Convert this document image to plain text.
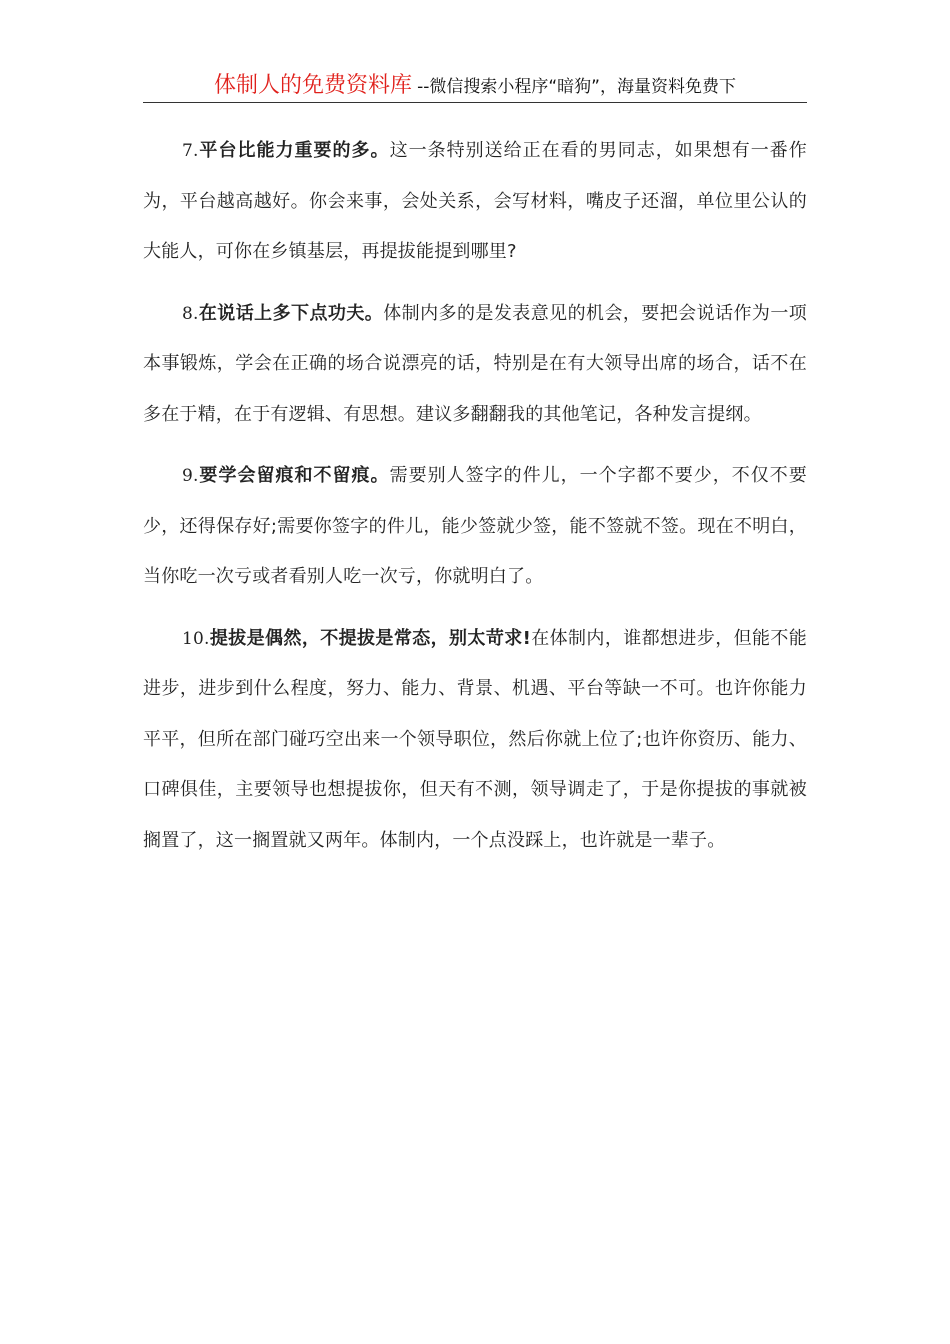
体制人的免费资料库 --微信搜索小程序“暗狗”，海量资料免费下

7.平台比能力重要的多。这一条特别送给正在看的男同志，如果想有一番作为，平台越高越好。你会来事，会处关系，会写材料，嘴皮子还溜，单位里公认的大能人，可你在乡镇基层，再提拔能提到哪里?

8.在说话上多下点功夫。体制内多的是发表意见的机会，要把会说话作为一项本事锻炼，学会在正确的场合说漂亮的话，特别是在有大领导出席的场合，话不在多在于精，在于有逻辑、有思想。建议多翻翻我的其他笔记，各种发言提纲。

9.要学会留痕和不留痕。需要别人签字的件儿，一个字都不要少，不仅不要少，还得保存好;需要你签字的件儿，能少签就少签，能不签就不签。现在不明白，当你吃一次亏或者看别人吃一次亏，你就明白了。

10.提拔是偶然，不提拔是常态，别太苛求!在体制内，谁都想进步，但能不能进步，进步到什么程度，努力、能力、背景、机遇、平台等缺一不可。也许你能力平平，但所在部门碰巧空出来一个领导职位，然后你就上位了;也许你资历、能力、口碑俱佳，主要领导也想提拔你，但天有不测，领导调走了，于是你提拔的事就被搁置了，这一搁置就又两年。体制内，一个点没踩上，也许就是一辈子。
